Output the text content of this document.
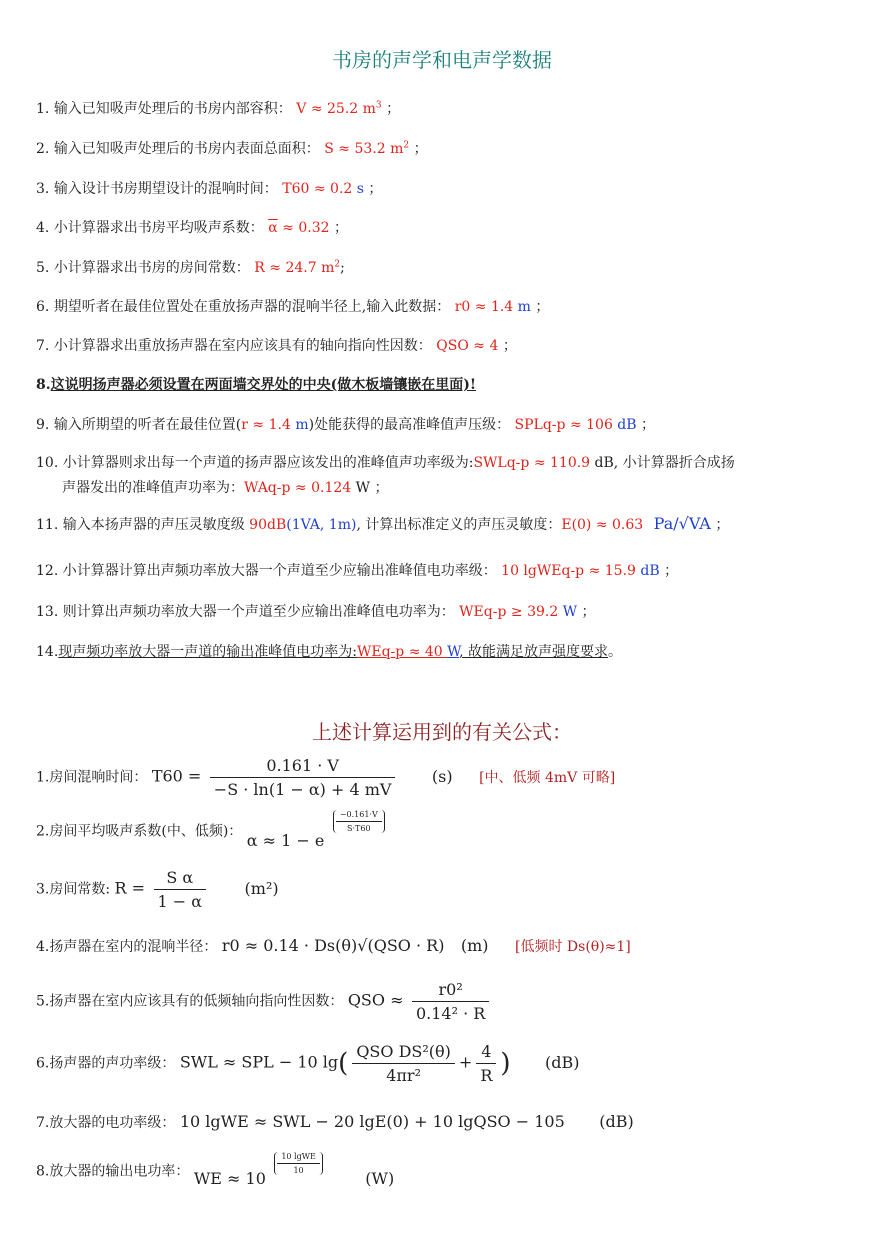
书房的声学和电声学数据
1. 输入已知吸声处理后的书房内部容积： V ≈ 25.2 $m^3$ ；
2. 输入已知吸声处理后的书房内表面总面积： S ≈ 53.2 $m^2$ ；
3. 输入设计书房期望设计的混响时间： T60 ≈ 0.2 s ；
4. 小计算器求出书房平均吸声系数： $\overline{\alpha} \approx 0.32$ ；
5. 小计算器求出书房的房间常数： R ≈ 24.7 $m^2$;
6. 期望听者在最佳位置处在重放扬声器的混响半径上,输入此数据： r0 ≈ 1.4 m ；
7. 小计算器求出重放扬声器在室内应该具有的轴向指向性因数： QSO ≈ 4 ；
8.这说明扬声器必须设置在两面墙交界处的中央(做木板墙镶嵌在里面)!
9. 输入所期望的听者在最佳位置(r ≈ 1.4 m)处能获得的最高准峰值声压级： SPLq-p ≈ 106 dB ；
10. 小计算器则求出每一个声道的扬声器应该发出的准峰值声功率级为:SWLq-p ≈ 110.9 dB, 小计算器折合成扬
声器发出的准峰值声功率为：WAq-p ≈ 0.124 W ；
11. 输入本扬声器的声压灵敏度级 90dB(1VA, 1m), 计算出标准定义的声压灵敏度：E(0) ≈ 0.63 Pa/√VA ；
12. 小计算器计算出声频功率放大器一个声道至少应输出准峰值电功率级： 10 lgWEq-p ≈ 15.9 dB ；
13. 则计算出声频功率放大器一个声道至少应输出准峰值电功率为： WEq-p ≥ 39.2 W ；
14.现声频功率放大器一声道的输出准峰值电功率为:WEq-p ≈ 40 W, 故能满足放声强度要求。
上述计算运用到的有关公式：
1.房间混响时间： $T60 = \frac{0.161 \cdot V}{-S \cdot \ln(1 - \alpha) + 4 mV} (s)$ [中、低频 4mV 可略]
2.房间平均吸声系数(中、低频)： α ≈ 1 − e
$\frac{-0.161\cdot V}{S\cdot T60}$
3.房间常数: $R = \frac{\text{S α}}{1 - \alpha} (m^2)$
4.扬声器在室内的混响半径： r0 ≈ 0.14 · Ds(θ)√(QSO · R) (m) [低频时 Ds(θ)≈1]
5.扬声器在室内应该具有的低频轴向指向性因数： QSO ≈ $\frac{\text{r0²}}{\text{0.14² · R}}$
6.扬声器的声功率级： SWL ≈ SPL − 10 $\lg( \frac{\text{QSO DS²(θ)}}{\text{4πr²}} + \frac{4}{R}$ ) (dB)
7.放大器的电功率级： 10 lgWE ≈ SWL − 20 lgE(0) + 10 lgQSO − 105 (dB)
8.放大器的输出电功率： WE ≈ 10
$\frac{\text{10 lgWE}}{10}$
(W)
